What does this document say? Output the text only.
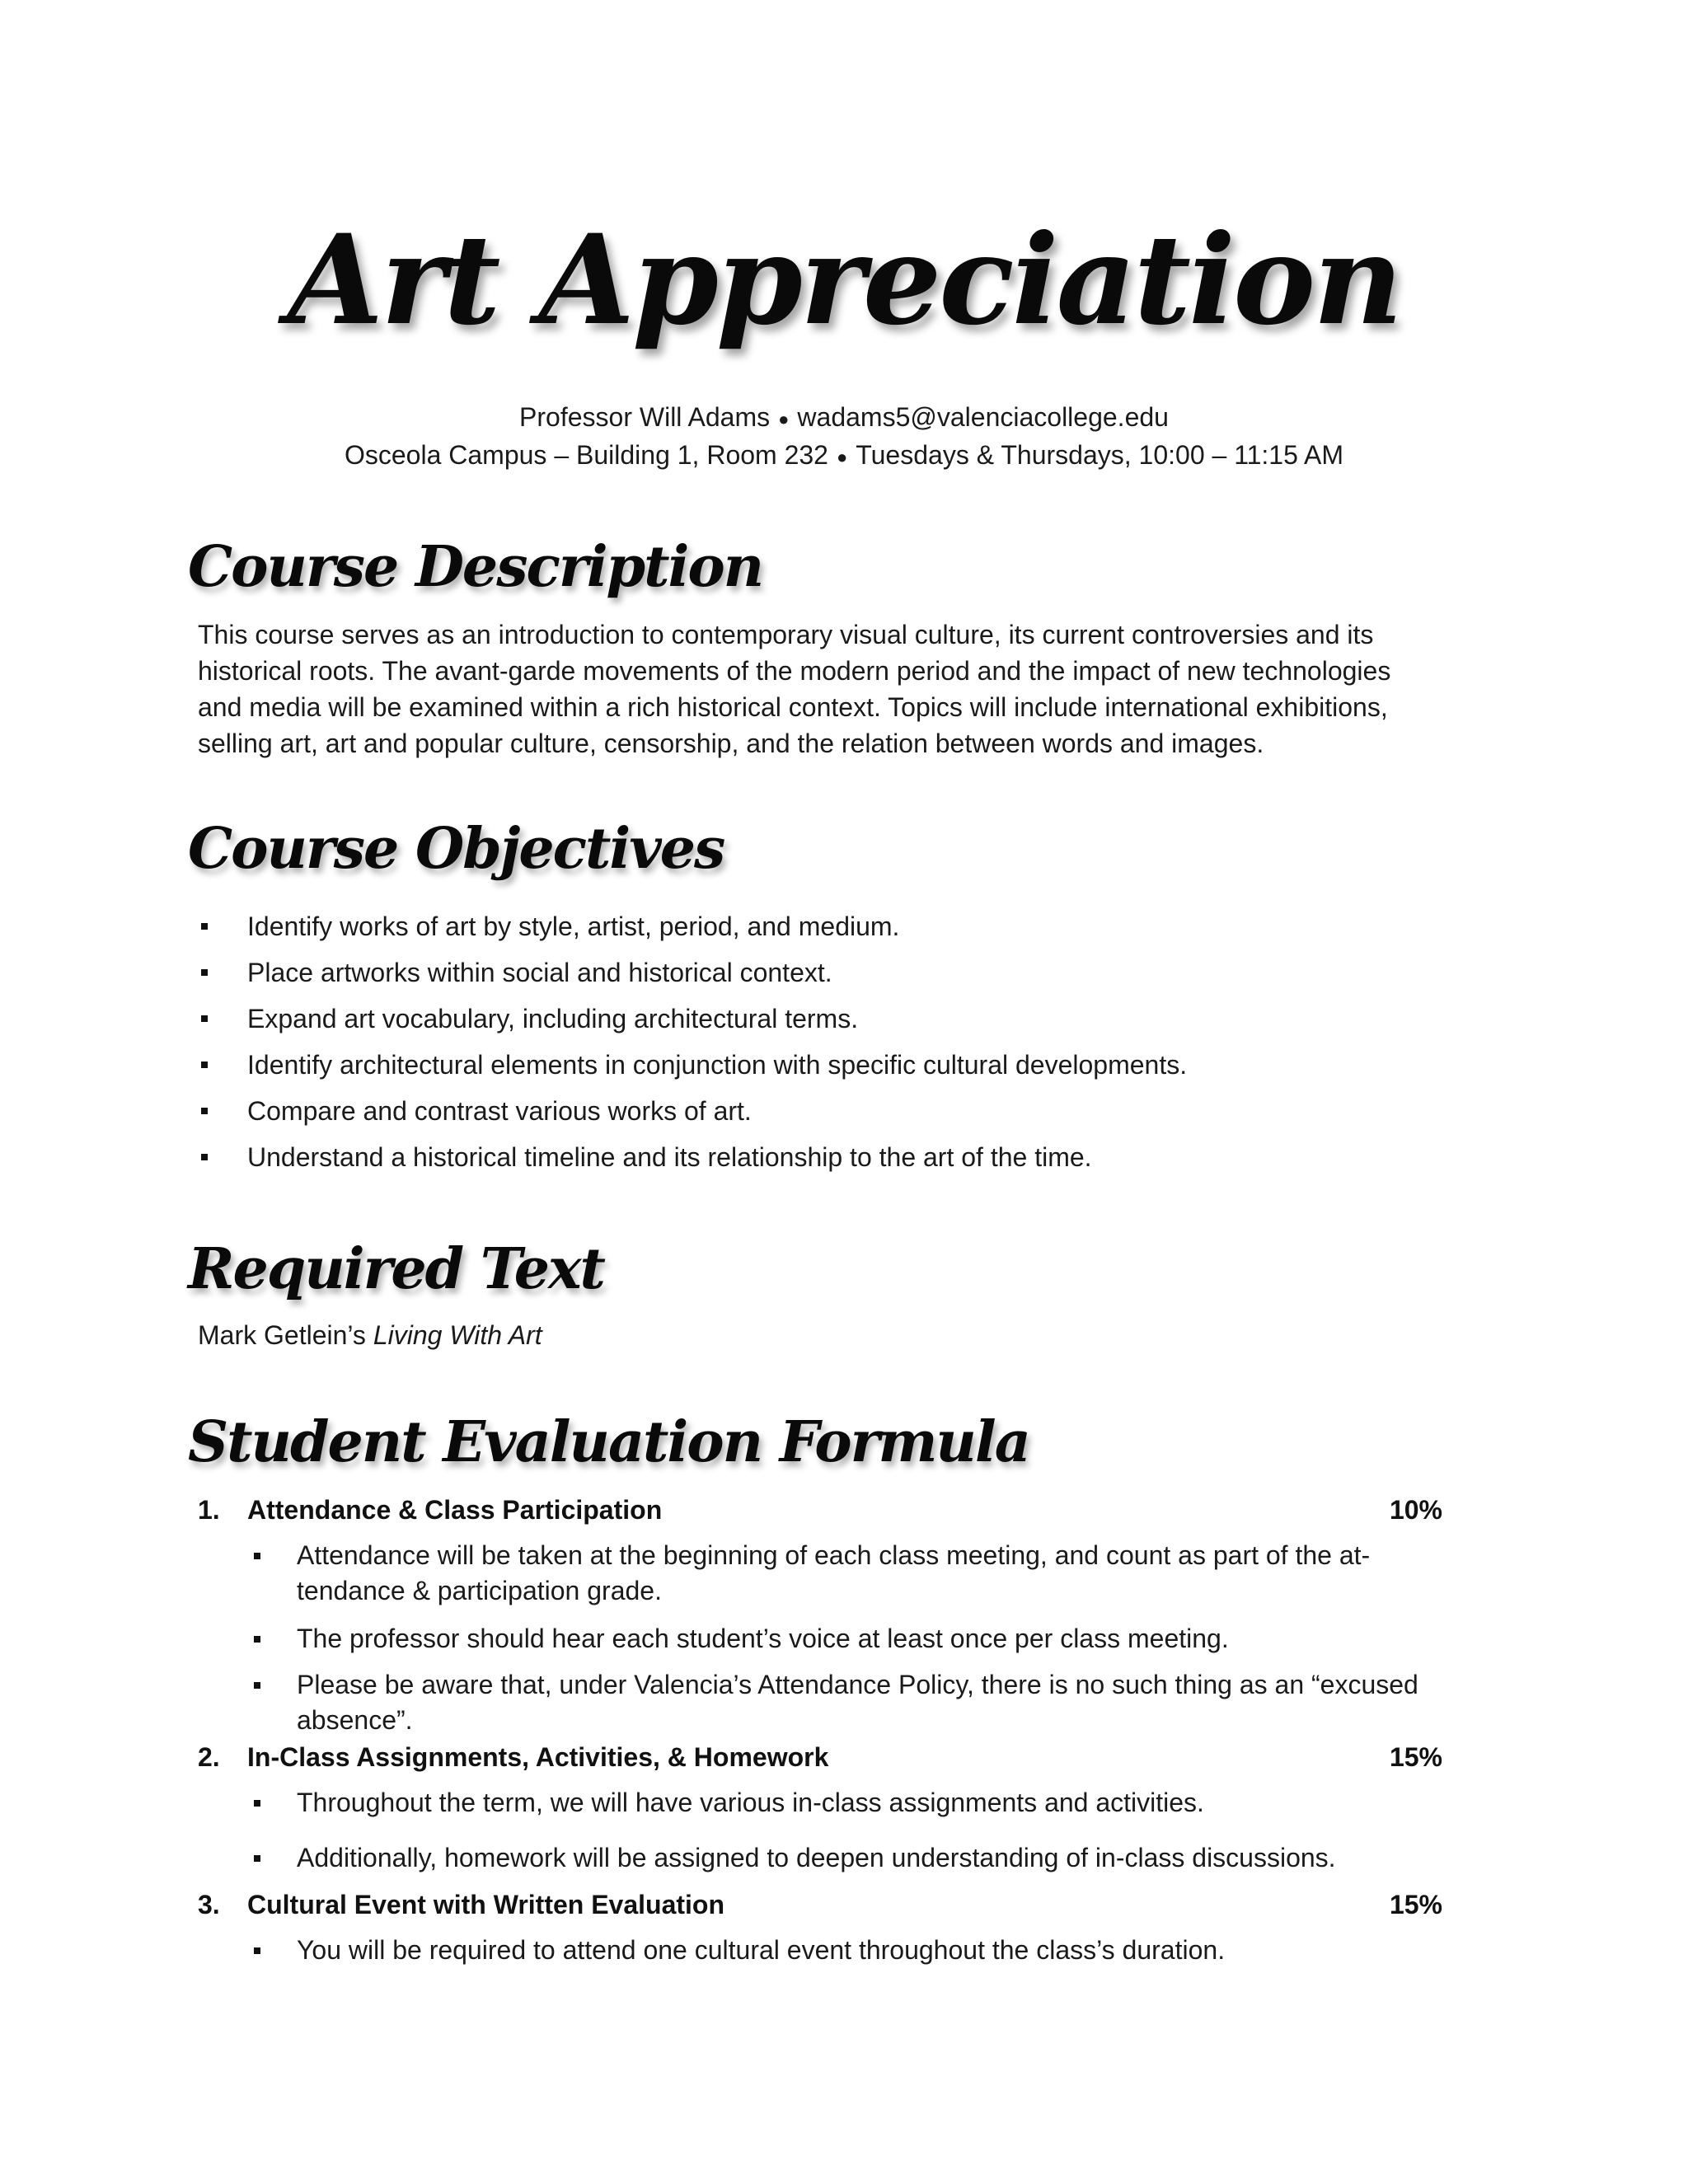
Art Appreciation
Professor Will Adams ● wadams5@valenciacollege.edu
Osceola Campus – Building 1, Room 232 ● Tuesdays & Thursdays, 10:00 – 11:15 AM
Course Description
This course serves as an introduction to contemporary visual culture, its current controversies and its
historical roots. The avant-garde movements of the modern period and the impact of new technologies
and media will be examined within a rich historical context. Topics will include international exhibitions,
selling art, art and popular culture, censorship, and the relation between words and images.
Course Objectives
Identify works of art by style, artist, period, and medium.
Place artworks within social and historical context.
Expand art vocabulary, including architectural terms.
Identify architectural elements in conjunction with specific cultural developments.
Compare and contrast various works of art.
Understand a historical timeline and its relationship to the art of the time.
Required Text
Mark Getlein’s Living With Art
Student Evaluation Formula
1. Attendance & Class Participation	10%
Attendance will be taken at the beginning of each class meeting, and count as part of the at-
tendance & participation grade.
The professor should hear each student’s voice at least once per class meeting.
Please be aware that, under Valencia’s Attendance Policy, there is no such thing as an “excused
absence”.
2. In-Class Assignments, Activities, & Homework	15%
Throughout the term, we will have various in-class assignments and activities.
Additionally, homework will be assigned to deepen understanding of in-class discussions.
3. Cultural Event with Written Evaluation	15%
You will be required to attend one cultural event throughout the class’s duration.
